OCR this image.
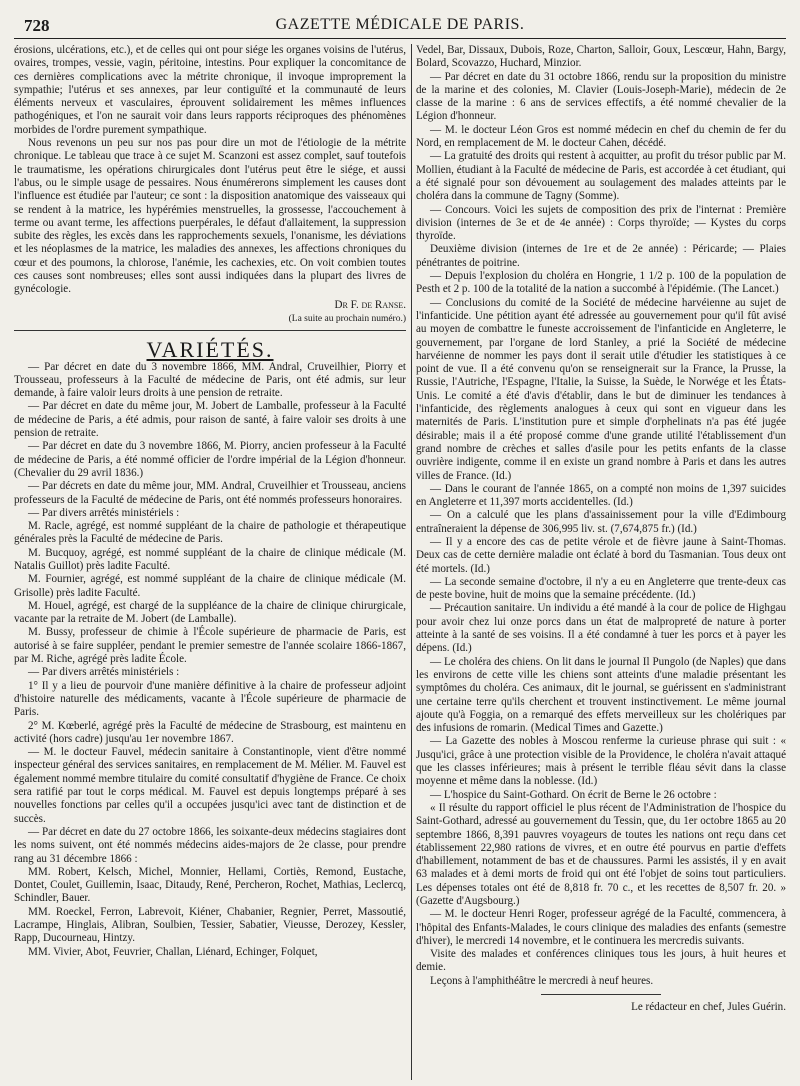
728	GAZETTE MÉDICALE DE PARIS.

érosions, ulcérations, etc.), et de celles qui ont pour siége les organes voisins de l'utérus, ovaires, trompes, vessie, vagin, péritoine, intestins. Pour expliquer la concomitance de ces dernières complications avec la métrite chronique, il invoque improprement la sympathie; l'utérus et ses annexes, par leur contiguïté et la communauté de leurs éléments nerveux et vasculaires, éprouvent solidairement les mêmes influences pathogéniques, et l'on ne saurait voir dans leurs rapports réciproques des phénomènes morbides de l'ordre purement sympathique.

Nous revenons un peu sur nos pas pour dire un mot de l'étiologie de la métrite chronique. Le tableau que trace à ce sujet M. Scanzoni est assez complet, sauf toutefois le traumatisme, les opérations chirurgicales dont l'utérus peut être le siége, et aussi l'abus, ou le simple usage de pessaires. Nous énumérerons simplement les causes dont l'influence est étudiée par l'auteur; ce sont : la disposition anatomique des vaisseaux qui se rendent à la matrice, les hypérémies menstruelles, la grossesse, l'accouchement à terme ou avant terme, les affections puerpérales, le défaut d'allaitement, la suppression subite des règles, les excès dans les rapprochements sexuels, l'onanisme, les déviations et les néoplasmes de la matrice, les maladies des annexes, les affections chroniques du cœur et des poumons, la chlorose, l'anémie, les cachexies, etc. On voit combien toutes ces causes sont nombreuses; elles sont aussi indiquées dans la plupart des livres de gynécologie.

Dr F. de Ranse.
(La suite au prochain numéro.)
VARIÉTÉS.

— Par décret en date du 3 novembre 1866, MM. Andral, Cruveilhier, Piorry et Trousseau, professeurs à la Faculté de médecine de Paris, ont été admis, sur leur demande, à faire valoir leurs droits à une pension de retraite.

— Par décret en date du même jour, M. Jobert de Lamballe, professeur à la Faculté de médecine de Paris, a été admis, pour raison de santé, à faire valoir ses droits à une pension de retraite.

— Par décret en date du 3 novembre 1866, M. Piorry, ancien professeur à la Faculté de médecine de Paris, a été nommé officier de l'ordre impérial de la Légion d'honneur. (Chevalier du 29 avril 1836.)

— Par décrets en date du même jour, MM. Andral, Cruveilhier et Trousseau, anciens professeurs de la Faculté de médecine de Paris, ont été nommés professeurs honoraires.

— Par divers arrêtés ministériels :

M. Racle, agrégé, est nommé suppléant de la chaire de pathologie et thérapeutique générales près la Faculté de médecine de Paris.

M. Bucquoy, agrégé, est nommé suppléant de la chaire de clinique médicale (M. Natalis Guillot) près ladite Faculté.

M. Fournier, agrégé, est nommé suppléant de la chaire de clinique médicale (M. Grisolle) près ladite Faculté.

M. Houel, agrégé, est chargé de la suppléance de la chaire de clinique chirurgicale, vacante par la retraite de M. Jobert (de Lamballe).

M. Bussy, professeur de chimie à l'École supérieure de pharmacie de Paris, est autorisé à se faire suppléer, pendant le premier semestre de l'année scolaire 1866-1867, par M. Riche, agrégé près ladite École.

— Par divers arrêtés ministériels :

1° Il y a lieu de pourvoir d'une manière définitive à la chaire de professeur adjoint d'histoire naturelle des médicaments, vacante à l'École supérieure de pharmacie de Paris.

2° M. Kœberlé, agrégé près la Faculté de médecine de Strasbourg, est maintenu en activité (hors cadre) jusqu'au 1er novembre 1867.

— M. le docteur Fauvel, médecin sanitaire à Constantinople, vient d'être nommé inspecteur général des services sanitaires, en remplacement de M. Mélier. M. Fauvel est également nommé membre titulaire du comité consultatif d'hygiène de France. Ce choix sera ratifié par tout le corps médical. M. Fauvel est depuis longtemps préparé à ses nouvelles fonctions par celles qu'il a occupées jusqu'ici avec tant de distinction et de succès.

— Par décret en date du 27 octobre 1866, les soixante-deux médecins stagiaires dont les noms suivent, ont été nommés médecins aides-majors de 2e classe, pour prendre rang au 31 décembre 1866 :

MM. Robert, Kelsch, Michel, Monnier, Hellami, Cortiès, Remond, Eustache, Dontet, Coulet, Guillemin, Isaac, Ditaudy, René, Percheron, Rochet, Mathias, Leclercq, Schindler, Bauer.

MM. Roeckel, Ferron, Labrevoit, Kiéner, Chabanier, Regnier, Perret, Massoutié, Lacrampe, Hinglais, Alibran, Soulbien, Tessier, Sabatier, Vieusse, Derozey, Kessler, Rapp, Ducourneau, Hintzy.

MM. Vivier, Abot, Feuvrier, Challan, Liénard, Echinger, Folquet,

Vedel, Bar, Dissaux, Dubois, Roze, Charton, Salloir, Goux, Lescœur, Hahn, Bargy, Bolard, Scovazzo, Huchard, Minzior.

— Par décret en date du 31 octobre 1866, rendu sur la proposition du ministre de la marine et des colonies, M. Clavier (Louis-Joseph-Marie), médecin de 2e classe de la marine : 6 ans de services effectifs, a été nommé chevalier de la Légion d'honneur.

— M. le docteur Léon Gros est nommé médecin en chef du chemin de fer du Nord, en remplacement de M. le docteur Cahen, décédé.

— La gratuité des droits qui restent à acquitter, au profit du trésor public par M. Mollien, étudiant à la Faculté de médecine de Paris, est accordée à cet étudiant, qui a été signalé pour son dévouement au soulagement des malades atteints par le choléra dans la commune de Tagny (Somme).

— Concours. Voici les sujets de composition des prix de l'internat : Première division (internes de 3e et de 4e année) : Corps thyroïde; — Kystes du corps thyroïde.

Deuxième division (internes de 1re et de 2e année) : Péricarde; — Plaies pénétrantes de poitrine.

— Depuis l'explosion du choléra en Hongrie, 1 1/2 p. 100 de la population de Pesth et 2 p. 100 de la totalité de la nation a succombé à l'épidémie. (The Lancet.)

— Conclusions du comité de la Société de médecine harvéienne au sujet de l'infanticide. Une pétition ayant été adressée au gouvernement pour qu'il fût avisé au moyen de combattre le funeste accroissement de l'infanticide en Angleterre, le gouvernement, par l'organe de lord Stanley, a prié la Société de médecine harvéienne de nommer les pays dont il serait utile d'étudier les statistiques à ce point de vue. Il a été convenu qu'on se renseignerait sur la France, la Prusse, la Russie, l'Autriche, l'Espagne, l'Italie, la Suisse, la Suède, le Norwége et les États-Unis. Le comité a été d'avis d'établir, dans le but de diminuer les tendances à l'infanticide, des règlements analogues à ceux qui sont en vigueur dans les maternités de Paris. L'institution pure et simple d'orphelinats n'a pas été jugée désirable; mais il a été proposé comme d'une grande utilité l'établissement d'un grand nombre de crèches et salles d'asile pour les petits enfants de la classe ouvrière indigente, comme il en existe un grand nombre à Paris et dans les autres villes de France. (Id.)

— Dans le courant de l'année 1865, on a compté non moins de 1,397 suicides en Angleterre et 11,397 morts accidentelles. (Id.)

— On a calculé que les plans d'assainissement pour la ville d'Edimbourg entraîneraient la dépense de 306,995 liv. st. (7,674,875 fr.) (Id.)

— Il y a encore des cas de petite vérole et de fièvre jaune à Saint-Thomas. Deux cas de cette dernière maladie ont éclaté à bord du Tasmanian. Tous deux ont été mortels. (Id.)

— La seconde semaine d'octobre, il n'y a eu en Angleterre que trente-deux cas de peste bovine, huit de moins que la semaine précédente. (Id.)

— Précaution sanitaire. Un individu a été mandé à la cour de police de Highgau pour avoir chez lui onze porcs dans un état de malpropreté de nature à porter atteinte à la santé de ses voisins. Il a été condamné à tuer les porcs et à payer les dépens. (Id.)

— Le choléra des chiens. On lit dans le journal Il Pungolo (de Naples) que dans les environs de cette ville les chiens sont atteints d'une maladie présentant les symptômes du choléra. Ces animaux, dit le journal, se guérissent en s'administrant une certaine terre qu'ils cherchent et trouvent instinctivement. Le même journal ajoute qu'à Foggia, on a remarqué des effets merveilleux sur les cholériques par des infusions de romarin. (Medical Times and Gazette.)

— La Gazette des nobles à Moscou renferme la curieuse phrase qui suit : « Jusqu'ici, grâce à une protection visible de la Providence, le choléra n'avait attaqué que les classes inférieures; mais à présent le terrible fléau sévit dans la classe moyenne et même dans la noblesse. (Id.)

— L'hospice du Saint-Gothard. On écrit de Berne le 26 octobre :

« Il résulte du rapport officiel le plus récent de l'Administration de l'hospice du Saint-Gothard, adressé au gouvernement du Tessin, que, du 1er octobre 1865 au 20 septembre 1866, 8,391 pauvres voyageurs de toutes les nations ont reçu dans cet établissement 22,980 rations de vivres, et en outre été pourvus en partie d'effets d'habillement, notamment de bas et de chaussures. Parmi les assistés, il y en avait 63 malades et à demi morts de froid qui ont été l'objet de soins tout particuliers. Les dépenses totales ont été de 8,818 fr. 70 c., et les recettes de 8,507 fr. 20. » (Gazette d'Augsbourg.)

— M. le docteur Henri Roger, professeur agrégé de la Faculté, commencera, à l'hôpital des Enfants-Malades, le cours clinique des maladies des enfants (semestre d'hiver), le mercredi 14 novembre, et le continuera les mercredis suivants.

Visite des malades et conférences cliniques tous les jours, à huit heures et demie.

Leçons à l'amphithéâtre le mercredi à neuf heures.

Le rédacteur en chef, Jules Guérin.
